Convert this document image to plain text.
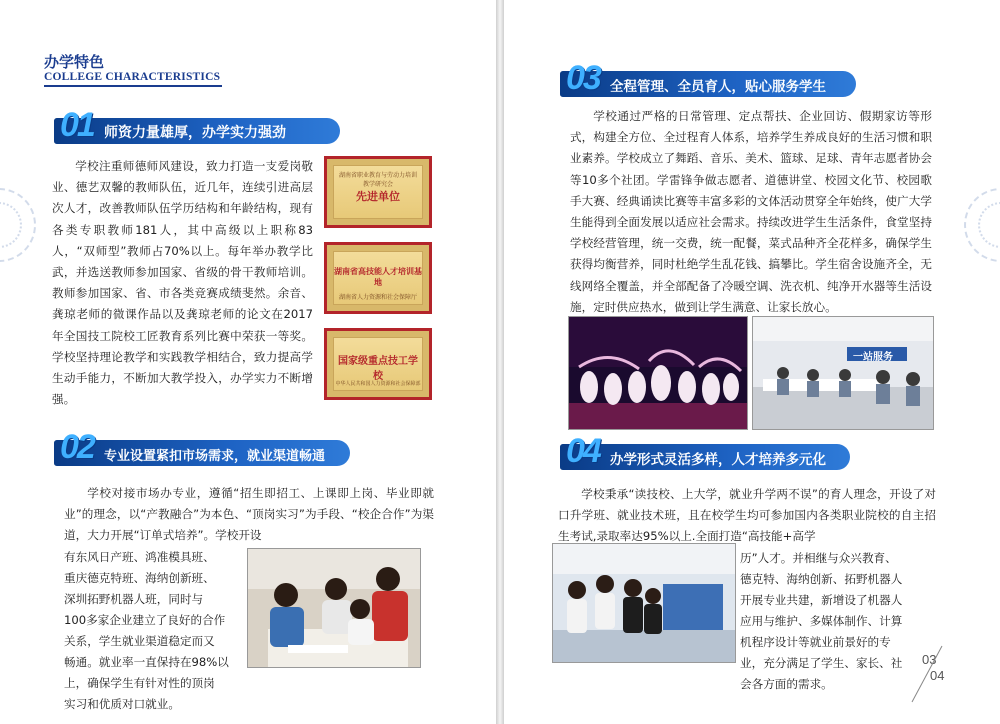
办学特色
COLLEGE CHARACTERISTICS
01 师资力量雄厚，办学实力强劲

学校注重师德师风建设，致力打造一支爱岗敬业、德艺双馨的教师队伍，近几年，连续引进高层次人才，改善教师队伍学历结构和年龄结构，现有各类专职教师181人，其中高级以上职称83人，“双师型”教师占70%以上。每年举办教学比武，并选送教师参加国家、省级的骨干教师培训。教师参加国家、省、市各类竞赛成绩斐然。余音、龚琼老师的微课作品以及龚琼老师的论文在2017年全国技工院校工匠教育系列比赛中荣获一等奖。学校坚持理论教学和实践教学相结合，致力提高学生动手能力，不断加大教学投入，办学实力不断增强。

湖南省职业教育与劳动力培训教学研究会
先进单位
湖南省高技能人才培训基地
湖南省人力资源和社会保障厅
国家级重点技工学校
中华人民共和国人力资源和社会保障部
02 专业设置紧扣市场需求，就业渠道畅通

学校对接市场办专业，遵循“招生即招工、上课即上岗、毕业即就业”的理念，以“产教融合”为本色、“顶岗实习”为手段、“校企合作”为渠道，大力开展“订单式培养”。学校开设

有东风日产班、鸿准模具班、
重庆德克特班、海纳创新班、
深圳拓野机器人班，同时与
100多家企业建立了良好的合作
关系，学生就业渠道稳定而又
畅通。就业率一直保持在98%以
上，确保学生有针对性的顶岗
实习和优质对口就业。
03 全程管理、全员育人，贴心服务学生

学校通过严格的日常管理、定点帮扶、企业回访、假期家访等形式，构建全方位、全过程育人体系，培养学生养成良好的生活习惯和职业素养。学校成立了舞蹈、音乐、美术、篮球、足球、青年志愿者协会等10多个社团。学雷锋争做志愿者、道德讲堂、校园文化节、校园歌手大赛、经典诵读比赛等丰富多彩的文体活动贯穿全年始终，使广大学生能得到全面发展以适应社会需求。持续改进学生生活条件，食堂坚持学校经营管理，统一交费，统一配餐，菜式品种齐全花样多，确保学生获得均衡营养，同时杜绝学生乱花钱、搞攀比。学生宿舍设施齐全，无线网络全覆盖，并全部配备了冷暖空调、洗衣机、纯净开水器等生活设施，定时供应热水，做到让学生满意、让家长放心。

一站服务
04 办学形式灵活多样，人才培养多元化

学校秉承“读技校、上大学，就业升学两不误”的育人理念，开设了对口升学班、就业技术班，且在校学生均可参加国内各类职业院校的自主招生考试,录取率达95%以上.全面打造“高技能+高学

历”人才。并相继与众兴教育、
德克特、海纳创新、拓野机器人
开展专业共建，新增设了机器人
应用与维护、多媒体制作、计算
机程序设计等就业前景好的专
业，充分满足了学生、家长、社
会各方面的需求。
03
04
